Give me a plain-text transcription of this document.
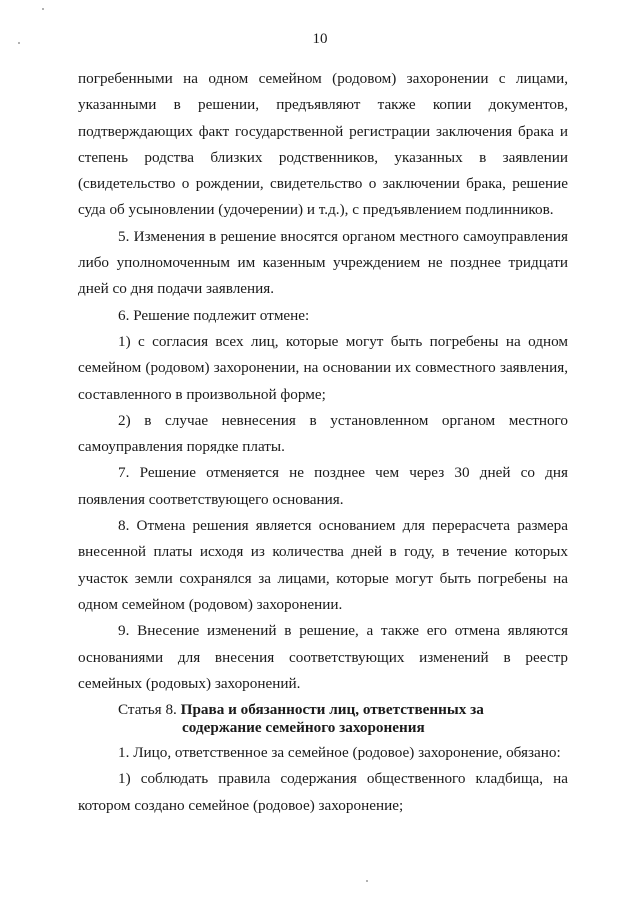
10

погребенными на одном семейном (родовом) захоронении с лицами, указанными в решении, предъявляют также копии документов, подтверждающих факт государственной регистрации заключения брака и степень родства близких родственников, указанных в заявлении (свидетельство о рождении, свидетельство о заключении брака, решение суда об усыновлении (удочерении) и т.д.), с предъявлением подлинников.

5. Изменения в решение вносятся органом местного самоуправления либо уполномоченным им казенным учреждением не позднее тридцати дней со дня подачи заявления.

6. Решение подлежит отмене:

1) с согласия всех лиц, которые могут быть погребены на одном семейном (родовом) захоронении, на основании их совместного заявления, составленного в произвольной форме;

2) в случае невнесения в установленном органом местного самоуправления порядке платы.

7. Решение отменяется не позднее чем через 30 дней со дня появления соответствующего основания.

8. Отмена решения является основанием для перерасчета размера внесенной платы исходя из количества дней в году, в течение которых участок земли сохранялся за лицами, которые могут быть погребены на одном семейном (родовом) захоронении.

9. Внесение изменений в решение, а также его отмена являются основаниями для внесения соответствующих изменений в реестр семейных (родовых) захоронений.

Статья 8. Права и обязанности лиц, ответственных за
содержание семейного захоронения

1. Лицо, ответственное за семейное (родовое) захоронение, обязано:

1) соблюдать правила содержания общественного кладбища, на котором создано семейное (родовое) захоронение;
